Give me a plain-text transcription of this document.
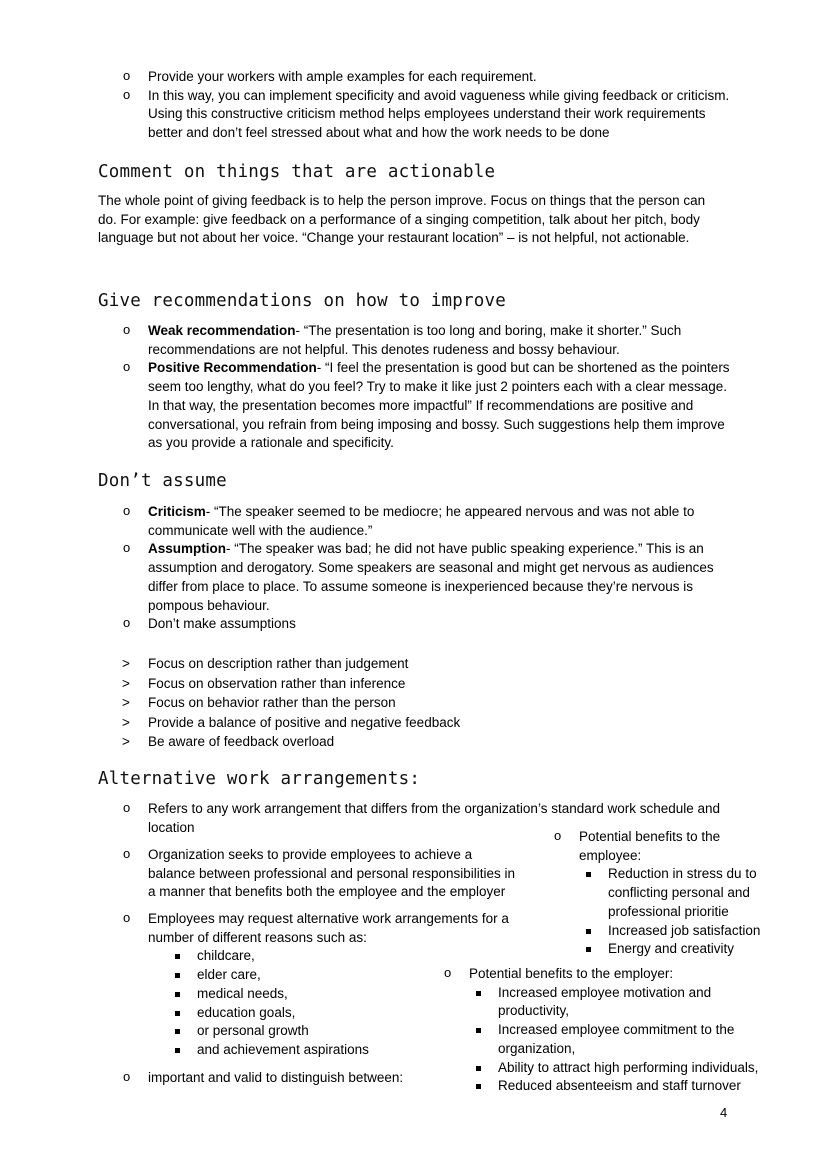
o Provide your workers with ample examples for each requirement.
o In this way, you can implement specificity and avoid vagueness while giving feedback or criticism. Using this constructive criticism method helps employees understand their work requirements better and don’t feel stressed about what and how the work needs to be done
Comment on things that are actionable

The whole point of giving feedback is to help the person improve. Focus on things that the person can do. For example: give feedback on a performance of a singing competition, talk about her pitch, body language but not about her voice. “Change your restaurant location” – is not helpful, not actionable.

Give recommendations on how to improve
o Weak recommendation- “The presentation is too long and boring, make it shorter.” Such recommendations are not helpful. This denotes rudeness and bossy behaviour.
o Positive Recommendation- “I feel the presentation is good but can be shortened as the pointers seem too lengthy, what do you feel? Try to make it like just 2 pointers each with a clear message. In that way, the presentation becomes more impactful” If recommendations are positive and conversational, you refrain from being imposing and bossy. Such suggestions help them improve as you provide a rationale and specificity.
Don’t assume
o Criticism- “The speaker seemed to be mediocre; he appeared nervous and was not able to communicate well with the audience.”
o Assumption- “The speaker was bad; he did not have public speaking experience.” This is an assumption and derogatory. Some speakers are seasonal and might get nervous as audiences differ from place to place. To assume someone is inexperienced because they’re nervous is pompous behaviour.
o Don’t make assumptions
> Focus on description rather than judgement
> Focus on observation rather than inference
> Focus on behavior rather than the person
> Provide a balance of positive and negative feedback
> Be aware of feedback overload
Alternative work arrangements:
o Refers to any work arrangement that differs from the organization’s standard work schedule and location
o Organization seeks to provide employees to achieve a balance between professional and personal responsibilities in a manner that benefits both the employee and the employer
o Employees may request alternative work arrangements for a number of different reasons such as:
childcare,
elder care,
medical needs,
education goals,
or personal growth
and achievement aspirations
o important and valid to distinguish between:
o Potential benefits to the employee:
Reduction in stress du to conflicting personal and professional prioritie
Increased job satisfaction
Energy and creativity
o Potential benefits to the employer:
Increased employee motivation and productivity,
Increased employee commitment to the organization,
Ability to attract high performing individuals,
Reduced absenteeism and staff turnover
4
